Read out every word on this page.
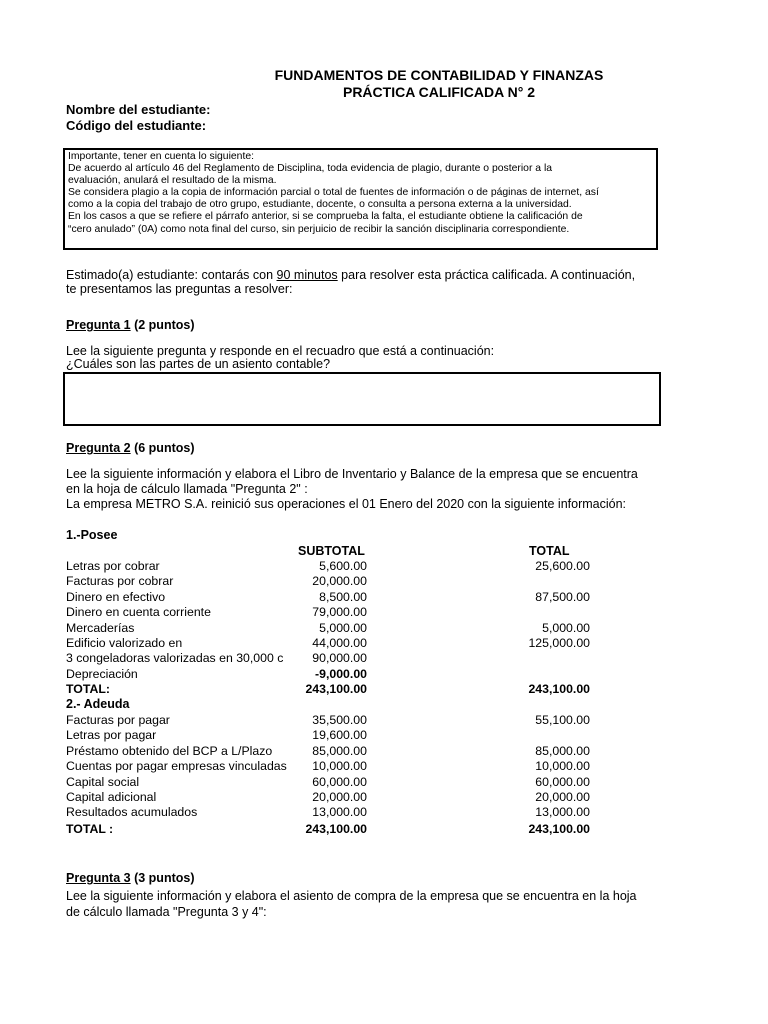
FUNDAMENTOS DE CONTABILIDAD Y FINANZAS
PRÁCTICA CALIFICADA N° 2
Nombre del estudiante:
Código del estudiante:
Importante, tener en cuenta lo siguiente:
De acuerdo al artículo 46 del Reglamento de Disciplina, toda evidencia de plagio, durante o posterior a la
evaluación, anulará el resultado de la misma.
Se considera plagio a la copia de información parcial o total de fuentes de información o de páginas de internet, así
como a la copia del trabajo de otro grupo, estudiante, docente, o consulta a persona externa a la universidad.
En los casos a que se refiere el párrafo anterior, si se comprueba la falta, el estudiante obtiene la calificación de
“cero anulado” (0A) como nota final del curso, sin perjuicio de recibir la sanción disciplinaria correspondiente.
Estimado(a) estudiante: contarás con 90 minutos para resolver esta práctica calificada. A continuación,
te presentamos las preguntas a resolver:
Pregunta 1 (2 puntos)
Lee la siguiente pregunta y responde en el recuadro que está a continuación:
¿Cuáles son las partes de un asiento contable?
Pregunta 2 (6 puntos)
Lee la siguiente información y elabora el Libro de Inventario y Balance de la empresa que se encuentra
en la hoja de cálculo llamada "Pregunta 2" :
La empresa METRO S.A. reinició sus operaciones el 01 Enero del 2020 con la siguiente información:
1.-Posee
SUBTOTAL	TOTAL
Letras por cobrar	5,600.00	25,600.00
Facturas por cobrar	20,000.00
Dinero en efectivo	8,500.00	87,500.00
Dinero en cuenta corriente	79,000.00
Mercaderías	5,000.00	5,000.00
Edificio valorizado en	44,000.00	125,000.00
3 congeladoras valorizadas en 30,000 c	90,000.00
Depreciación	-9,000.00
TOTAL:	243,100.00	243,100.00
2.- Adeuda
Facturas por pagar	35,500.00	55,100.00
Letras por pagar	19,600.00
Préstamo obtenido del BCP a L/Plazo	85,000.00	85,000.00
Cuentas por pagar empresas vinculadas	10,000.00	10,000.00
Capital social	60,000.00	60,000.00
Capital adicional	20,000.00	20,000.00
Resultados acumulados	13,000.00	13,000.00
TOTAL :	243,100.00	243,100.00
Pregunta 3 (3 puntos)
Lee la siguiente información y elabora el asiento de compra de la empresa que se encuentra en la hoja
de cálculo llamada "Pregunta 3 y 4":
